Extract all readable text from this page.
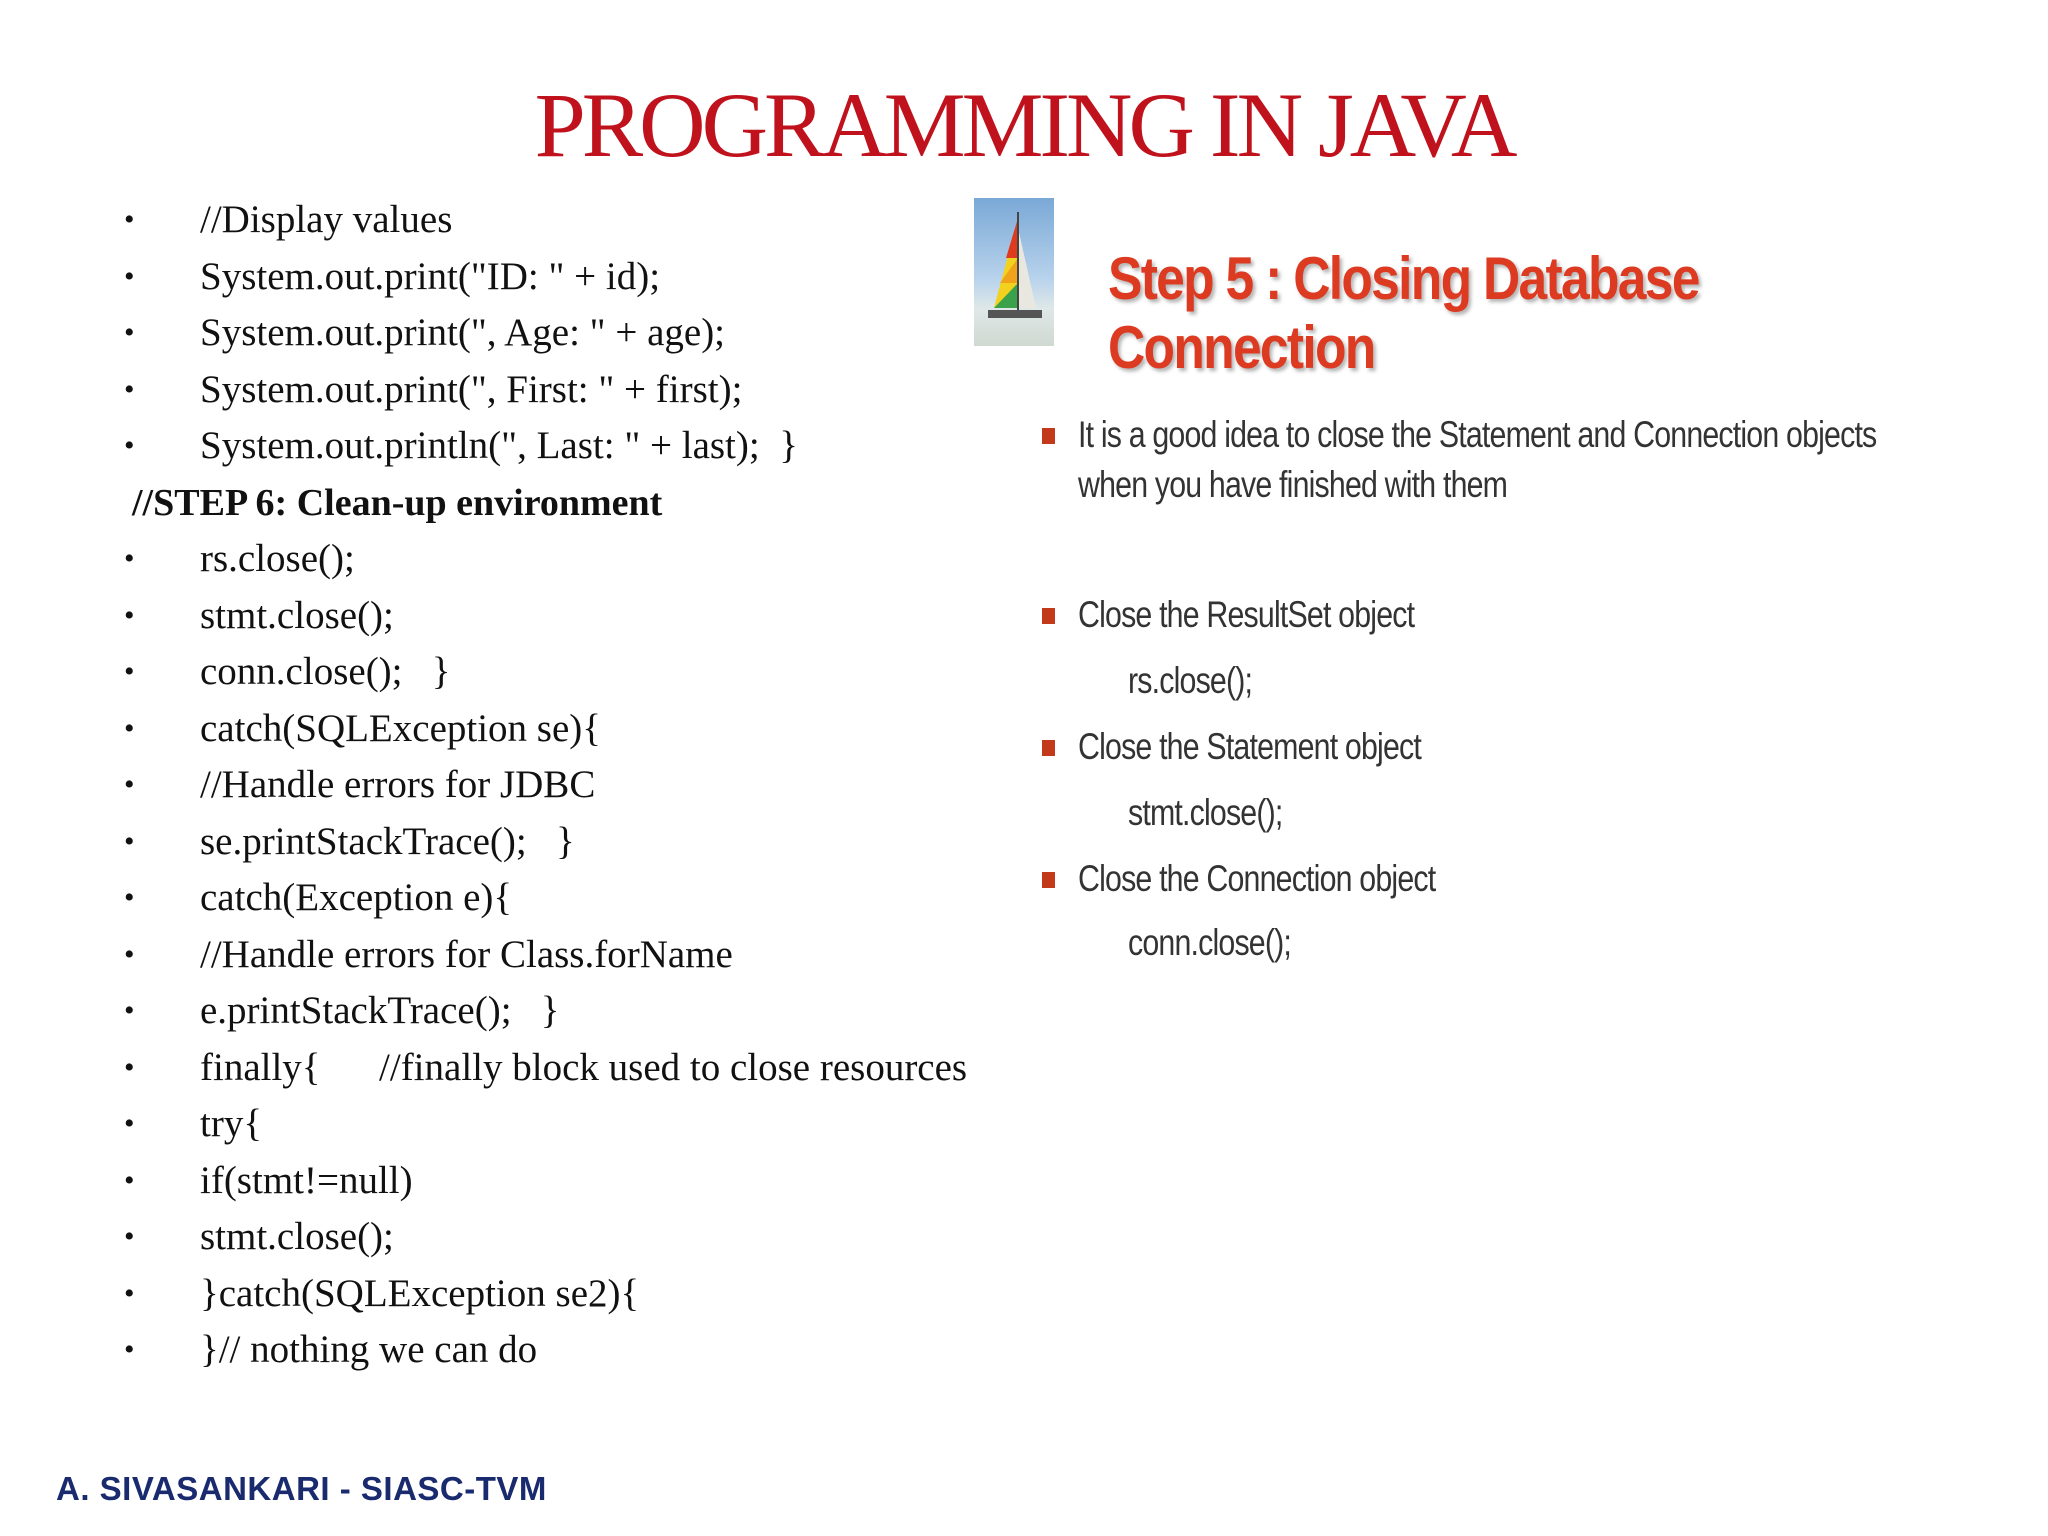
PROGRAMMING IN JAVA
• //Display values
• System.out.print("ID: " + id);
• System.out.print(", Age: " + age);
• System.out.print(", First: " + first);
• System.out.println(", Last: " + last);  }
//STEP 6: Clean-up environment
• rs.close();
• stmt.close();
• conn.close();   }
• catch(SQLException se){
• //Handle errors for JDBC
• se.printStackTrace();   }
• catch(Exception e){
• //Handle errors for Class.forName
• e.printStackTrace();   }
• finally{      //finally block used to close resources
• try{
• if(stmt!=null)
• stmt.close();
• }catch(SQLException se2){
• }// nothing we can do
Step 5 : Closing Database Connection
It is a good idea to close the Statement and Connection objects
when you have finished with them
Close the ResultSet object
rs.close();
Close the Statement object
stmt.close();
Close the Connection object
conn.close();
A. SIVASANKARI - SIASC-TVM
